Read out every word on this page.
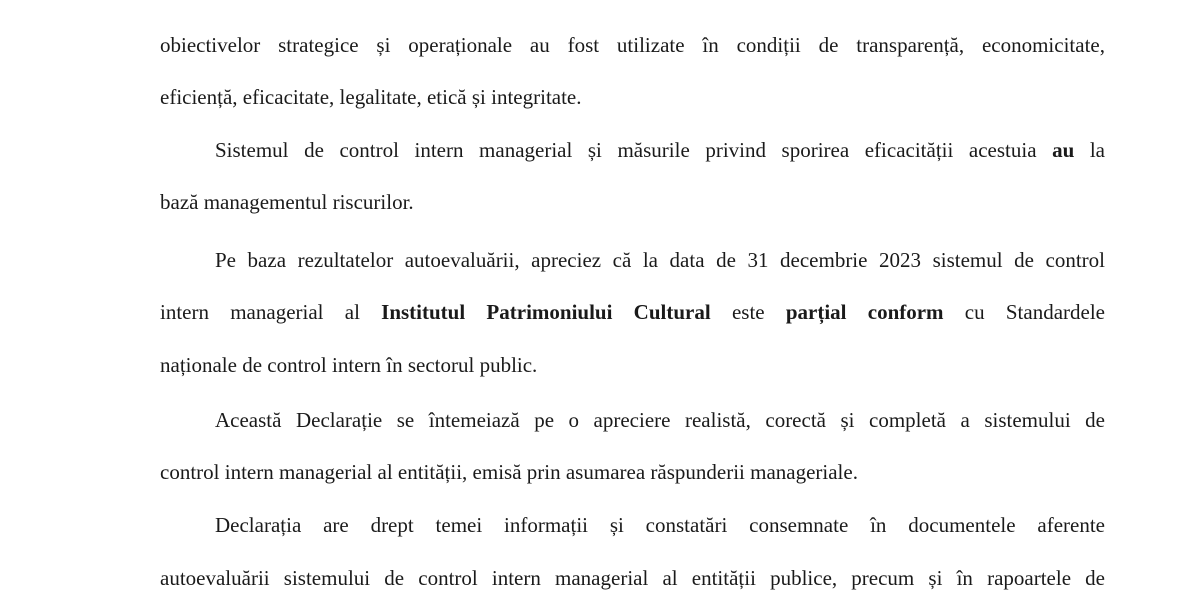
obiectivelor strategice și operaționale au fost utilizate în condiții de transparență, economicitate,
eficiență, eficacitate, legalitate, etică și integritate.
Sistemul de control intern managerial și măsurile privind sporirea eficacității acestuia au la
bază managementul riscurilor.
Pe baza rezultatelor autoevaluării, apreciez că la data de 31 decembrie 2023 sistemul de control
intern managerial al Institutul Patrimoniului Cultural este parțial conform cu Standardele
naționale de control intern în sectorul public.
Această Declarație se întemeiază pe o apreciere realistă, corectă și completă a sistemului de
control intern managerial al entității, emisă prin asumarea răspunderii manageriale.
Declarația are drept temei informații și constatări consemnate în documentele aferente
autoevaluării sistemului de control intern managerial al entității publice, precum și în rapoartele de
